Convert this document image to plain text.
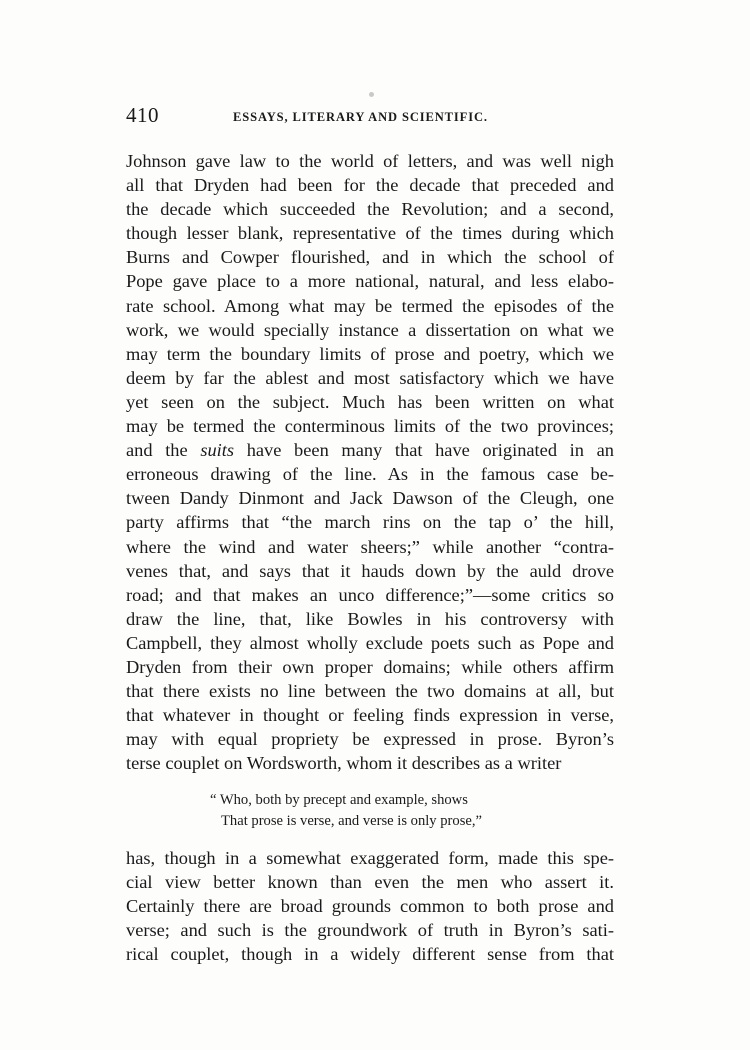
410	ESSAYS, LITERARY AND SCIENTIFIC.

Johnson gave law to the world of letters, and was well nigh
all that Dryden had been for the decade that preceded and
the decade which succeeded the Revolution; and a second,
though lesser blank, representative of the times during which
Burns and Cowper flourished, and in which the school of
Pope gave place to a more national, natural, and less elabo-
rate school. Among what may be termed the episodes of the
work, we would specially instance a dissertation on what we
may term the boundary limits of prose and poetry, which we
deem by far the ablest and most satisfactory which we have
yet seen on the subject. Much has been written on what
may be termed the conterminous limits of the two provinces;
and the suits have been many that have originated in an
erroneous drawing of the line. As in the famous case be-
tween Dandy Dinmont and Jack Dawson of the Cleugh, one
party affirms that “the march rins on the tap o’ the hill,
where the wind and water sheers;” while another “contra-
venes that, and says that it hauds down by the auld drove
road; and that makes an unco difference;”—some critics so
draw the line, that, like Bowles in his controversy with
Campbell, they almost wholly exclude poets such as Pope and
Dryden from their own proper domains; while others affirm
that there exists no line between the two domains at all, but
that whatever in thought or feeling finds expression in verse,
may with equal propriety be expressed in prose. Byron’s
terse couplet on Wordsworth, whom it describes as a writer

“ Who, both by precept and example, shows
That prose is verse, and verse is only prose,”

has, though in a somewhat exaggerated form, made this spe-
cial view better known than even the men who assert it.
Certainly there are broad grounds common to both prose and
verse; and such is the groundwork of truth in Byron’s sati-
rical couplet, though in a widely different sense from that
